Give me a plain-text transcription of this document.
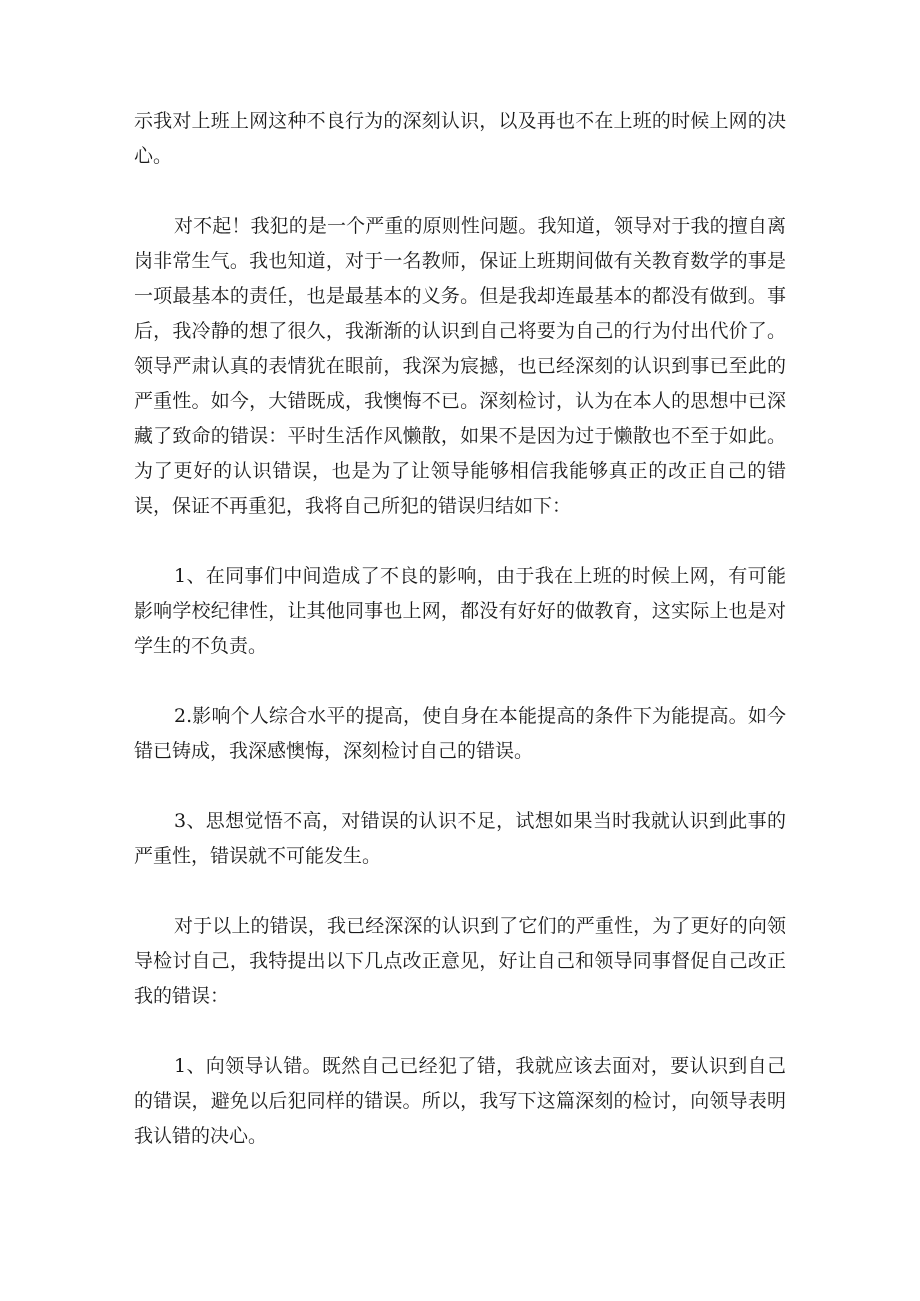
示我对上班上网这种不良行为的深刻认识，以及再也不在上班的时候上网的决心。

对不起！我犯的是一个严重的原则性问题。我知道，领导对于我的擅自离岗非常生气。我也知道，对于一名教师，保证上班期间做有关教育数学的事是一项最基本的责任，也是最基本的义务。但是我却连最基本的都没有做到。事后，我冷静的想了很久，我渐渐的认识到自己将要为自己的行为付出代价了。领导严肃认真的表情犹在眼前，我深为宸撼，也已经深刻的认识到事已至此的严重性。如今，大错既成，我懊悔不已。深刻检讨，认为在本人的思想中已深藏了致命的错误：平时生活作风懒散，如果不是因为过于懒散也不至于如此。为了更好的认识错误，也是为了让领导能够相信我能够真正的改正自己的错误，保证不再重犯，我将自己所犯的错误归结如下：

1、在同事们中间造成了不良的影响，由于我在上班的时候上网，有可能影响学校纪律性，让其他同事也上网，都没有好好的做教育，这实际上也是对学生的不负责。

2.影响个人综合水平的提高，使自身在本能提高的条件下为能提高。如今错已铸成，我深感懊悔，深刻检讨自己的错误。

3、思想觉悟不高，对错误的认识不足，试想如果当时我就认识到此事的严重性，错误就不可能发生。

对于以上的错误，我已经深深的认识到了它们的严重性，为了更好的向领导检讨自己，我特提出以下几点改正意见，好让自己和领导同事督促自己改正我的错误：

1、向领导认错。既然自己已经犯了错，我就应该去面对，要认识到自己的错误，避免以后犯同样的错误。所以，我写下这篇深刻的检讨，向领导表明我认错的决心。
